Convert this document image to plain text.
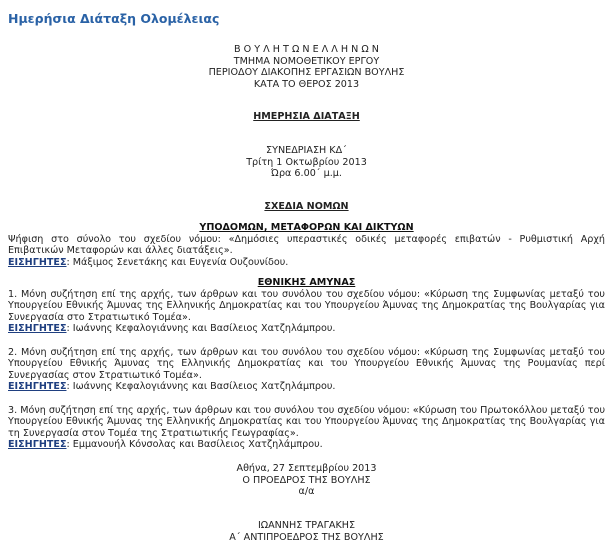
Ημερήσια Διάταξη Ολομέλειας
Β Ο Υ Λ Η Τ Ω Ν Ε Λ Λ Η Ν Ω Ν
ΤΜΗΜΑ ΝΟΜΟΘΕΤΙΚΟΥ ΕΡΓΟΥ
ΠΕΡΙΟΔΟΥ ΔΙΑΚΟΠΗΣ ΕΡΓΑΣΙΩΝ ΒΟΥΛΗΣ
ΚΑΤΑ ΤΟ ΘΕΡΟΣ 2013
ΗΜΕΡΗΣΙΑ ΔΙΑΤΑΞΗ
ΣΥΝΕΔΡΙΑΣΗ ΚΔ΄
Τρίτη 1 Οκτωβρίου 2013
Ώρα 6.00΄ μ.μ.
ΣΧΕΔΙΑ ΝΟΜΩΝ
ΥΠΟΔΟΜΩΝ, ΜΕΤΑΦΟΡΩΝ ΚΑΙ ΔΙΚΤΥΩΝ
Ψήφιση στο σύνολο του σχεδίου νόμου: «Δημόσιες υπεραστικές οδικές μεταφορές επιβατών - Ρυθμιστική Αρχή
Επιβατικών Μεταφορών και άλλες διατάξεις».
ΕΙΣΗΓΗΤΕΣ: Μάξιμος Σενετάκης και Ευγενία Ουζουνίδου.
ΕΘΝΙΚΗΣ ΑΜΥΝΑΣ
1. Μόνη συζήτηση επί της αρχής, των άρθρων και του συνόλου του σχεδίου νόμου: «Κύρωση της Συμφωνίας μεταξύ του
Υπουργείου Εθνικής Άμυνας της Ελληνικής Δημοκρατίας και του Υπουργείου Άμυνας της Δημοκρατίας της Βουλγαρίας για
Συνεργασία στο Στρατιωτικό Τομέα».
ΕΙΣΗΓΗΤΕΣ: Ιωάννης Κεφαλογιάννης και Βασίλειος Χατζηλάμπρου.
2. Μόνη συζήτηση επί της αρχής, των άρθρων και του συνόλου του σχεδίου νόμου: «Κύρωση της Συμφωνίας μεταξύ του
Υπουργείου Εθνικής Άμυνας της Ελληνικής Δημοκρατίας και του Υπουργείου Εθνικής Άμυνας της Ρουμανίας περί
Συνεργασίας στον Στρατιωτικό Τομέα».
ΕΙΣΗΓΗΤΕΣ: Ιωάννης Κεφαλογιάννης και Βασίλειος Χατζηλάμπρου.
3. Μόνη συζήτηση επί της αρχής, των άρθρων και του συνόλου του σχεδίου νόμου: «Κύρωση του Πρωτοκόλλου μεταξύ του
Υπουργείου Εθνικής Άμυνας της Ελληνικής Δημοκρατίας και του Υπουργείου Άμυνας της Δημοκρατίας της Βουλγαρίας για
τη Συνεργασία στον Τομέα της Στρατιωτικής Γεωγραφίας».
ΕΙΣΗΓΗΤΕΣ: Εμμανουήλ Κόνσολας και Βασίλειος Χατζηλάμπρου.
Αθήνα, 27 Σεπτεμβρίου 2013
Ο ΠΡΟΕΔΡΟΣ ΤΗΣ ΒΟΥΛΗΣ
α/α
ΙΩΑΝΝΗΣ ΤΡΑΓΑΚΗΣ
Α΄ ΑΝΤΙΠΡΟΕΔΡΟΣ ΤΗΣ ΒΟΥΛΗΣ
